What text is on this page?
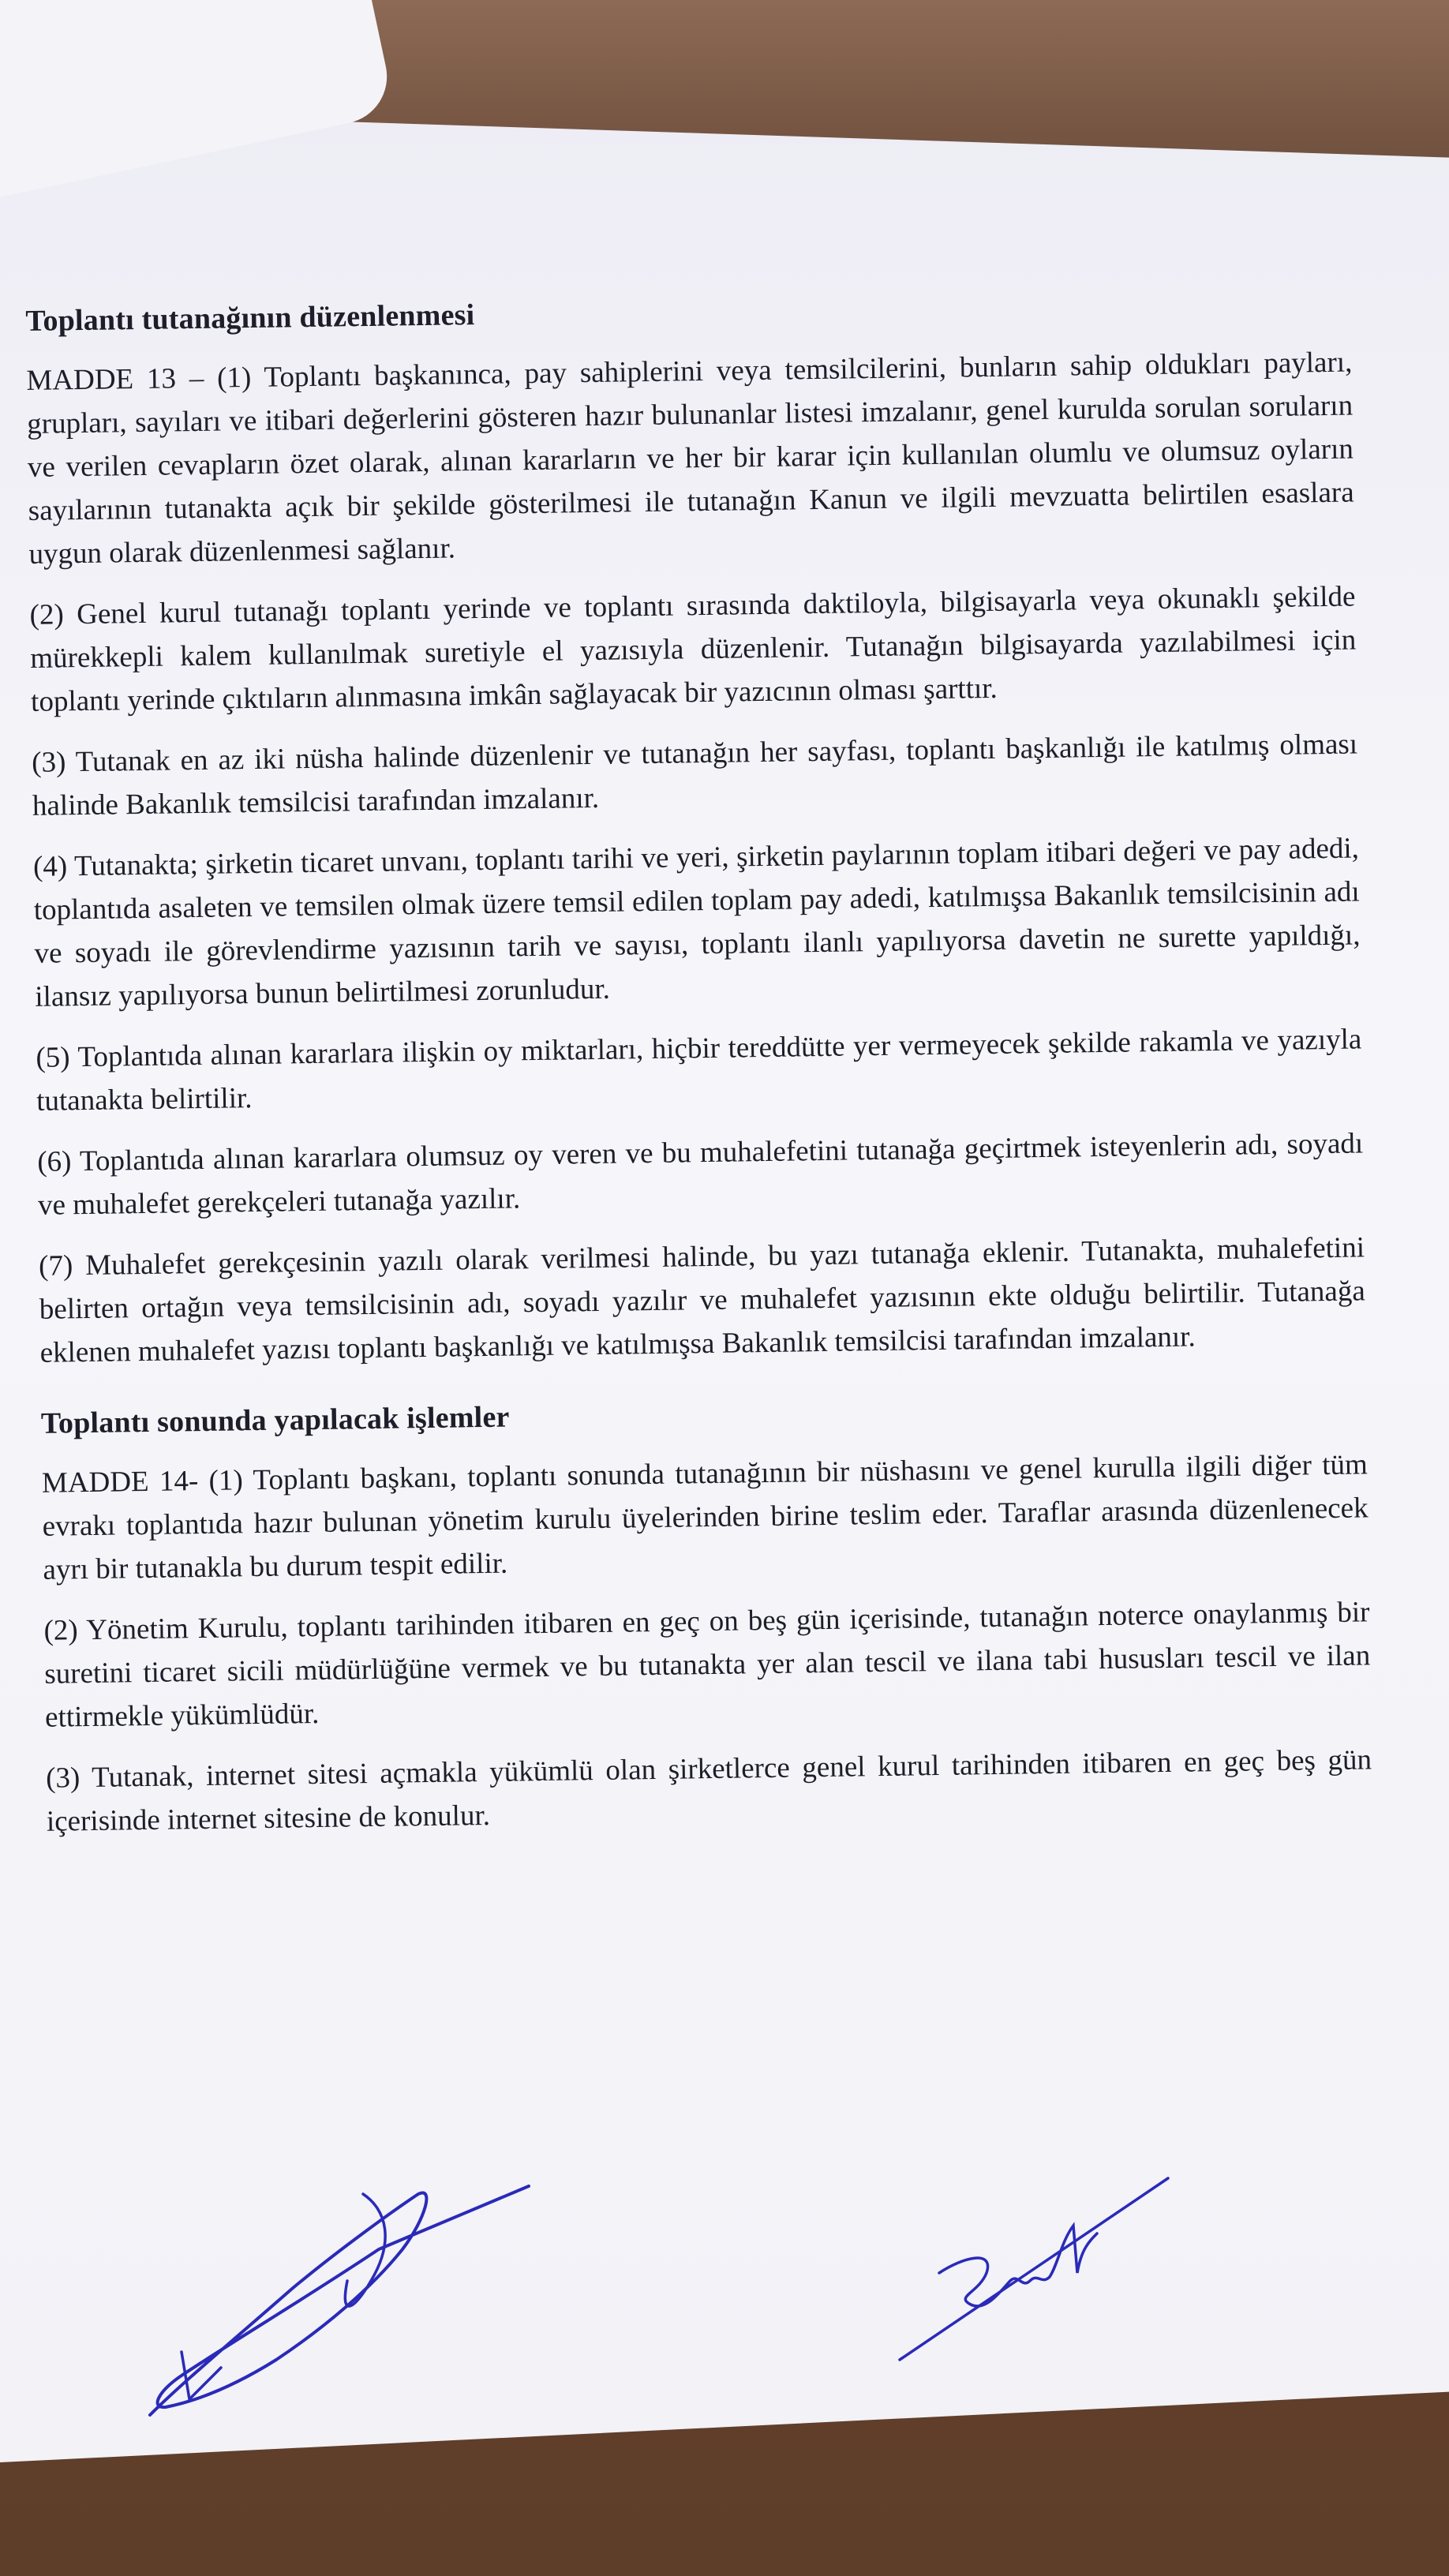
Toplantı tutanağının düzenlenmesi

MADDE 13 – (1) Toplantı başkanınca, pay sahiplerini veya temsilcilerini, bunların sahip oldukları payları, grupları, sayıları ve itibari değerlerini gösteren hazır bulunanlar listesi imzalanır, genel kurulda sorulan soruların ve verilen cevapların özet olarak, alınan kararların ve her bir karar için kullanılan olumlu ve olumsuz oyların sayılarının tutanakta açık bir şekilde gösterilmesi ile tutanağın Kanun ve ilgili mevzuatta belirtilen esaslara uygun olarak düzenlenmesi sağlanır.

(2) Genel kurul tutanağı toplantı yerinde ve toplantı sırasında daktiloyla, bilgisayarla veya okunaklı şekilde mürekkepli kalem kullanılmak suretiyle el yazısıyla düzenlenir. Tutanağın bilgisayarda yazılabilmesi için toplantı yerinde çıktıların alınmasına imkân sağlayacak bir yazıcının olması şarttır.

(3) Tutanak en az iki nüsha halinde düzenlenir ve tutanağın her sayfası, toplantı başkanlığı ile katılmış olması halinde Bakanlık temsilcisi tarafından imzalanır.

(4) Tutanakta; şirketin ticaret unvanı, toplantı tarihi ve yeri, şirketin paylarının toplam itibari değeri ve pay adedi, toplantıda asaleten ve temsilen olmak üzere temsil edilen toplam pay adedi, katılmışsa Bakanlık temsilcisinin adı ve soyadı ile görevlendirme yazısının tarih ve sayısı, toplantı ilanlı yapılıyorsa davetin ne surette yapıldığı, ilansız yapılıyorsa bunun belirtilmesi zorunludur.

(5) Toplantıda alınan kararlara ilişkin oy miktarları, hiçbir tereddütte yer vermeyecek şekilde rakamla ve yazıyla tutanakta belirtilir.

(6) Toplantıda alınan kararlara olumsuz oy veren ve bu muhalefetini tutanağa geçirtmek isteyenlerin adı, soyadı ve muhalefet gerekçeleri tutanağa yazılır.

(7) Muhalefet gerekçesinin yazılı olarak verilmesi halinde, bu yazı tutanağa eklenir. Tutanakta, muhalefetini belirten ortağın veya temsilcisinin adı, soyadı yazılır ve muhalefet yazısının ekte olduğu belirtilir. Tutanağa eklenen muhalefet yazısı toplantı başkanlığı ve katılmışsa Bakanlık temsilcisi tarafından imzalanır.

Toplantı sonunda yapılacak işlemler

MADDE 14- (1) Toplantı başkanı, toplantı sonunda tutanağının bir nüshasını ve genel kurulla ilgili diğer tüm evrakı toplantıda hazır bulunan yönetim kurulu üyelerinden birine teslim eder. Taraflar arasında düzenlenecek ayrı bir tutanakla bu durum tespit edilir.

(2) Yönetim Kurulu, toplantı tarihinden itibaren en geç on beş gün içerisinde, tutanağın noterce onaylanmış bir suretini ticaret sicili müdürlüğüne vermek ve bu tutanakta yer alan tescil ve ilana tabi hususları tescil ve ilan ettirmekle yükümlüdür.

(3) Tutanak, internet sitesi açmakla yükümlü olan şirketlerce genel kurul tarihinden itibaren en geç beş gün içerisinde internet sitesine de konulur.
